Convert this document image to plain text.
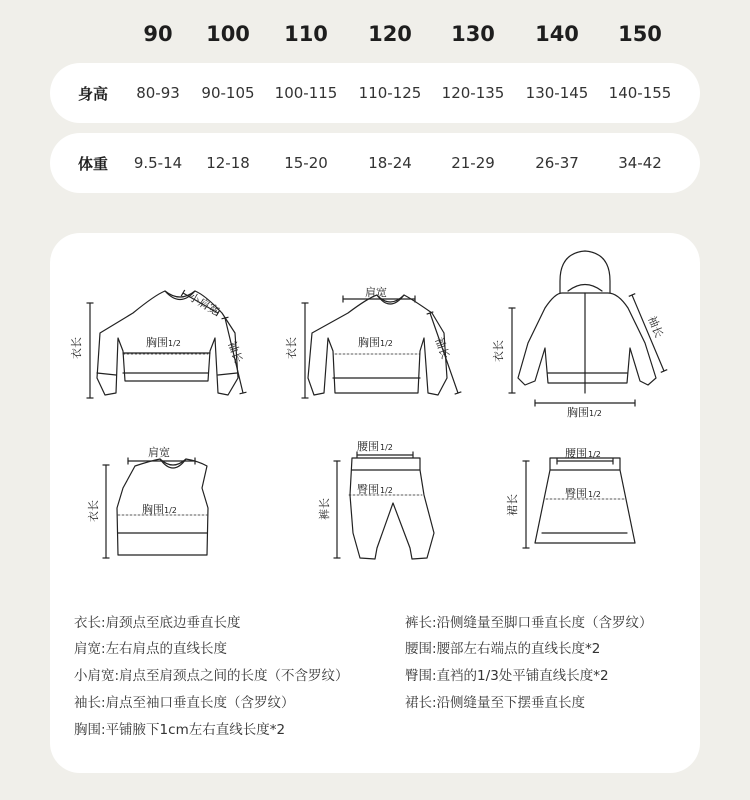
90	100	110	120	130	140	150
身高	80-93	90-105	100-115	110-125	120-135	130-145	140-155
体重	9.5-14	12-18	15-20	18-24	21-29	26-37	34-42
衣长	胸围 1/2
小肩宽
袖长	衣长
肩宽
胸围 1/2	袖长	衣长
袖长
胸围 1/2
肩宽
胸围 1/2
衣长
腰围 1/2
臀围 1/2
裤长
腰围 1/2
臀围 1/2
裙长
衣长:肩颈点至底边垂直长度
肩宽:左右肩点的直线长度
小肩宽:肩点至肩颈点之间的长度（不含罗纹）
袖长:肩点至袖口垂直长度（含罗纹）
胸围:平铺腋下1cm左右直线长度*2
裤长:沿侧缝量至脚口垂直长度（含罗纹）
腰围:腰部左右端点的直线长度*2
臀围:直裆的1/3处平铺直线长度*2
裙长:沿侧缝量至下摆垂直长度
